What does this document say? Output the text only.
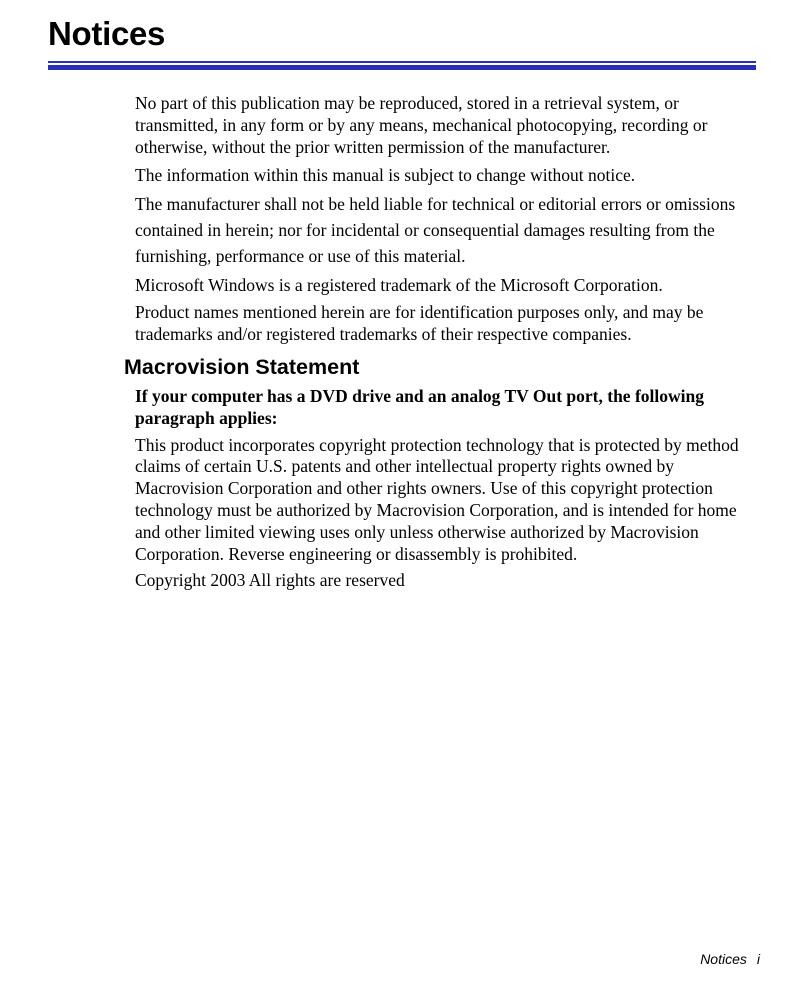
Notices

No part of this publication may be reproduced, stored in a retrieval system, or transmitted, in any form or by any means, mechanical photocopying, recording or otherwise, without the prior written permission of the manufacturer.

The information within this manual is subject to change without notice.

The manufacturer shall not be held liable for technical or editorial errors or omissions contained in herein; nor for incidental or consequential damages resulting from the furnishing, performance or use of this material.

Microsoft Windows is a registered trademark of the Microsoft Corporation.

Product names mentioned herein are for identification purposes only, and may be trademarks and/or registered trademarks of their respective companies.

Macrovision Statement

If your computer has a DVD drive and an analog TV Out port, the following paragraph applies:

This product incorporates copyright protection technology that is protected by method claims of certain U.S. patents and other intellectual property rights owned by Macrovision Corporation and other rights owners. Use of this copyright protection technology must be authorized by Macrovision Corporation, and is intended for home and other limited viewing uses only unless otherwise authorized by Macrovision Corporation. Reverse engineering or disassembly is prohibited.

Copyright 2003 All rights are reserved

Notices i
